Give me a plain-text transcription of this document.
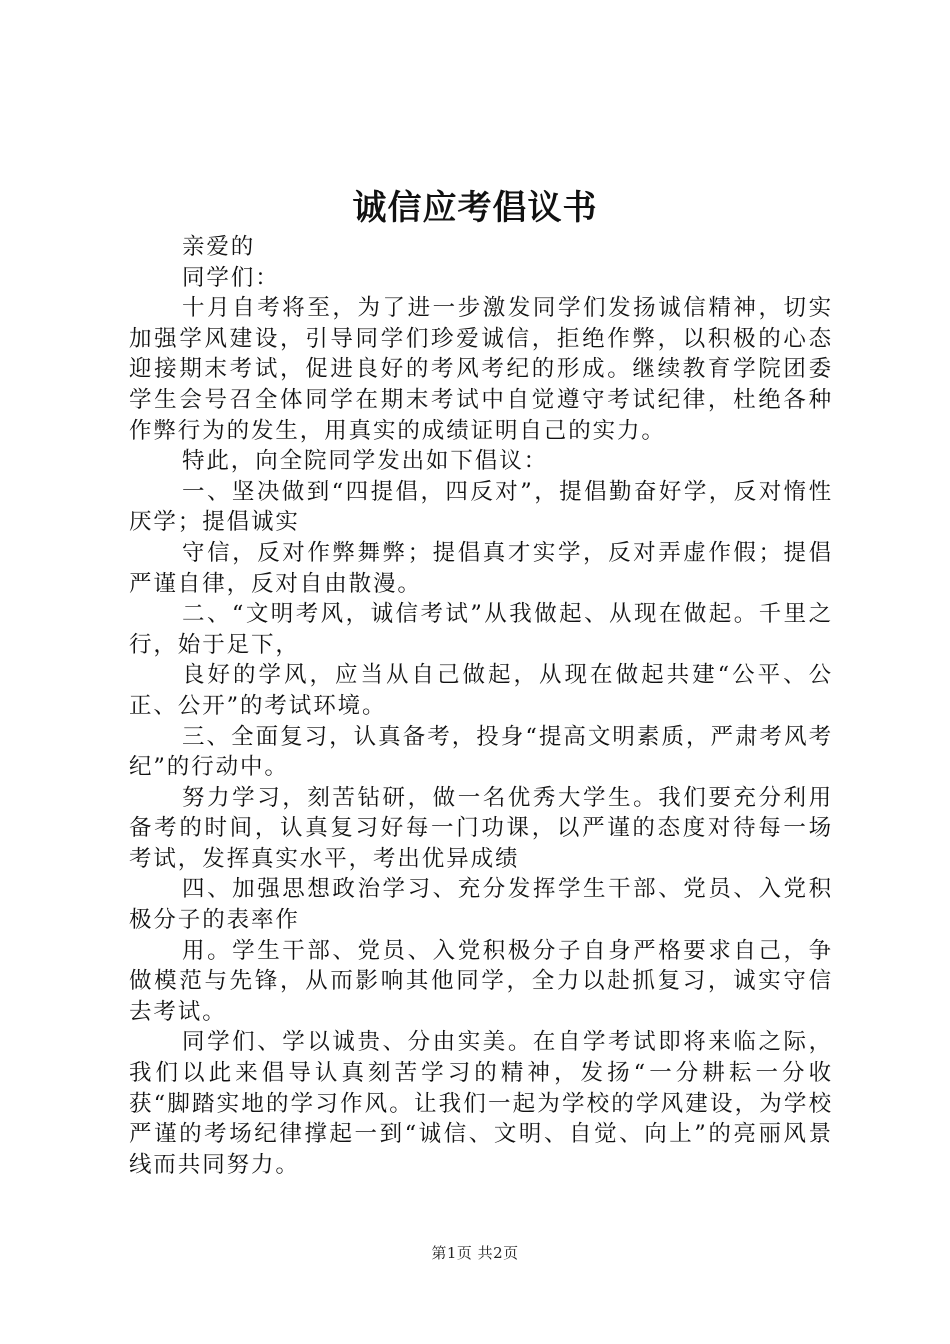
诚信应考倡议书

亲爱的

同学们：

十月自考将至，为了进一步激发同学们发扬诚信精神，切实加强学风建设，引导同学们珍爱诚信，拒绝作弊，以积极的心态迎接期末考试，促进良好的考风考纪的形成。继续教育学院团委学生会号召全体同学在期末考试中自觉遵守考试纪律，杜绝各种作弊行为的发生，用真实的成绩证明自己的实力。

特此，向全院同学发出如下倡议：

一、坚决做到“四提倡，四反对”，提倡勤奋好学，反对惰性厌学；提倡诚实

守信，反对作弊舞弊；提倡真才实学，反对弄虚作假；提倡严谨自律，反对自由散漫。

二、“文明考风，诚信考试”从我做起、从现在做起。千里之行，始于足下，

良好的学风，应当从自己做起，从现在做起共建“公平、公正、公开”的考试环境。

三、全面复习，认真备考，投身“提高文明素质，严肃考风考纪”的行动中。

努力学习，刻苦钻研，做一名优秀大学生。我们要充分利用备考的时间，认真复习好每一门功课，以严谨的态度对待每一场考试，发挥真实水平，考出优异成绩

四、加强思想政治学习、充分发挥学生干部、党员、入党积极分子的表率作

用。学生干部、党员、入党积极分子自身严格要求自己，争做模范与先锋，从而影响其他同学，全力以赴抓复习，诚实守信去考试。

同学们、学以诚贵、分由实美。在自学考试即将来临之际，我们以此来倡导认真刻苦学习的精神，发扬“一分耕耘一分收获“脚踏实地的学习作风。让我们一起为学校的学风建设，为学校严谨的考场纪律撑起一到“诚信、文明、自觉、向上”的亮丽风景线而共同努力。

第1页 共2页
